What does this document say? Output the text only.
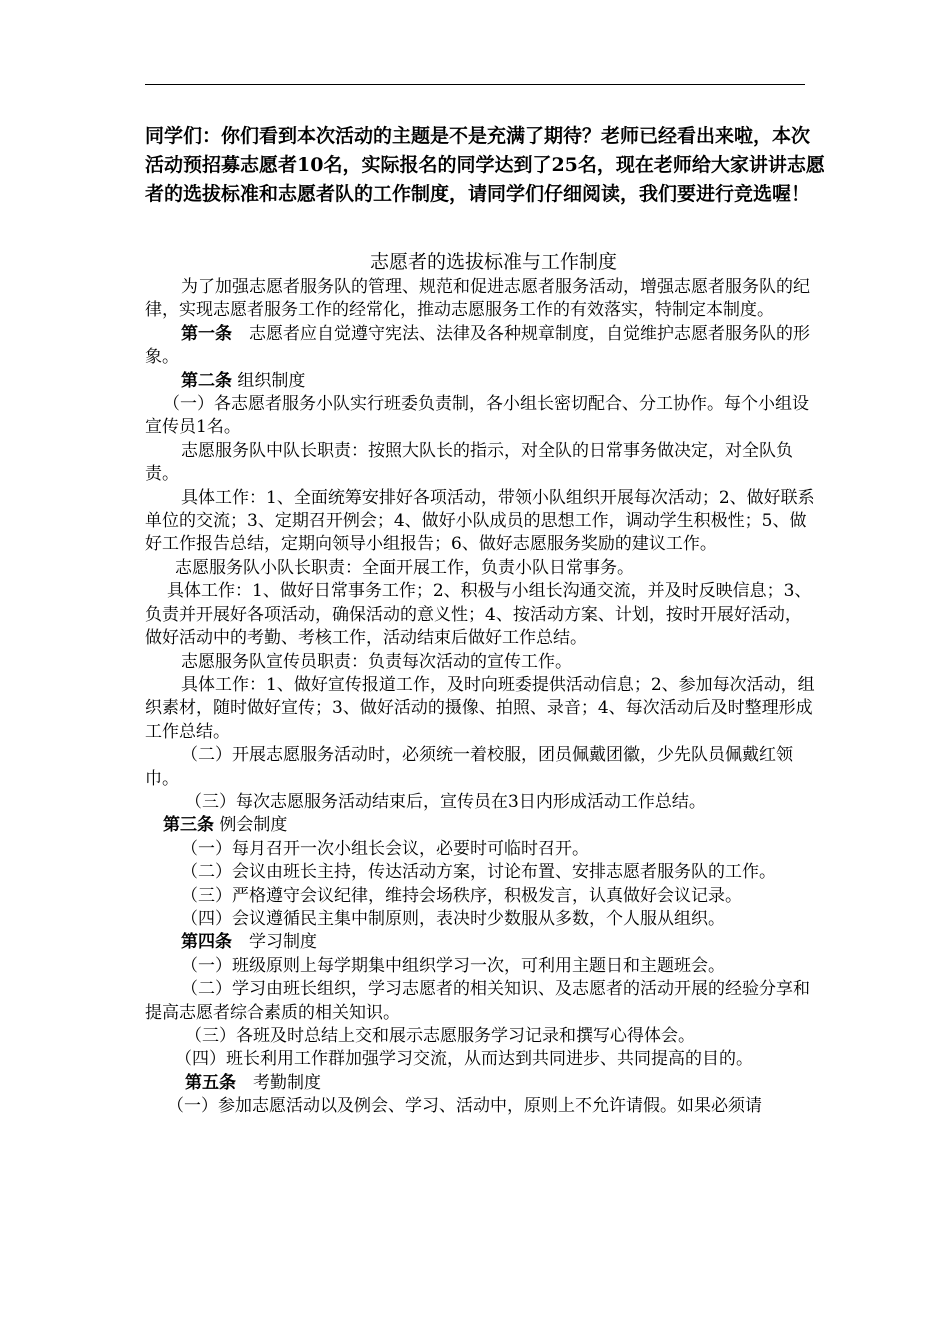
同学们：你们看到本次活动的主题是不是充满了期待？老师已经看出来啦，本次活动预招募志愿者10名，实际报名的同学达到了25名，现在老师给大家讲讲志愿者的选拔标准和志愿者队的工作制度，请同学们仔细阅读，我们要进行竞选喔！
志愿者的选拔标准与工作制度

为了加强志愿者服务队的管理、规范和促进志愿者服务活动，增强志愿者服务队的纪律，实现志愿者服务工作的经常化，推动志愿服务工作的有效落实，特制定本制度。

第一条　志愿者应自觉遵守宪法、法律及各种规章制度，自觉维护志愿者服务队的形象。

第二条 组织制度

（一）各志愿者服务小队实行班委负责制，各小组长密切配合、分工协作。每个小组设宣传员1名。

志愿服务队中队长职责：按照大队长的指示，对全队的日常事务做决定，对全队负责。

具体工作：1、全面统筹安排好各项活动，带领小队组织开展每次活动；2、做好联系单位的交流；3、定期召开例会；4、做好小队成员的思想工作，调动学生积极性；5、做好工作报告总结，定期向领导小组报告；6、做好志愿服务奖励的建议工作。

志愿服务队小队长职责：全面开展工作，负责小队日常事务。

具体工作：1、做好日常事务工作；2、积极与小组长沟通交流，并及时反映信息；3、负责并开展好各项活动，确保活动的意义性；4、按活动方案、计划，按时开展好活动，做好活动中的考勤、考核工作，活动结束后做好工作总结。

志愿服务队宣传员职责：负责每次活动的宣传工作。

具体工作：1、做好宣传报道工作，及时向班委提供活动信息；2、参加每次活动，组织素材，随时做好宣传；3、做好活动的摄像、拍照、录音；4、每次活动后及时整理形成工作总结。

（二）开展志愿服务活动时，必须统一着校服，团员佩戴团徽，少先队员佩戴红领巾。

（三）每次志愿服务活动结束后，宣传员在3日内形成活动工作总结。

第三条 例会制度

（一）每月召开一次小组长会议，必要时可临时召开。

（二）会议由班长主持，传达活动方案，讨论布置、安排志愿者服务队的工作。

（三）严格遵守会议纪律，维持会场秩序，积极发言，认真做好会议记录。

（四）会议遵循民主集中制原则，表决时少数服从多数，个人服从组织。

第四条　学习制度

（一）班级原则上每学期集中组织学习一次，可利用主题日和主题班会。

（二）学习由班长组织，学习志愿者的相关知识、及志愿者的活动开展的经验分享和提高志愿者综合素质的相关知识。

（三）各班及时总结上交和展示志愿服务学习记录和撰写心得体会。

（四）班长利用工作群加强学习交流，从而达到共同进步、共同提高的目的。

第五条　考勤制度

（一）参加志愿活动以及例会、学习、活动中，原则上不允许请假。如果必须请
